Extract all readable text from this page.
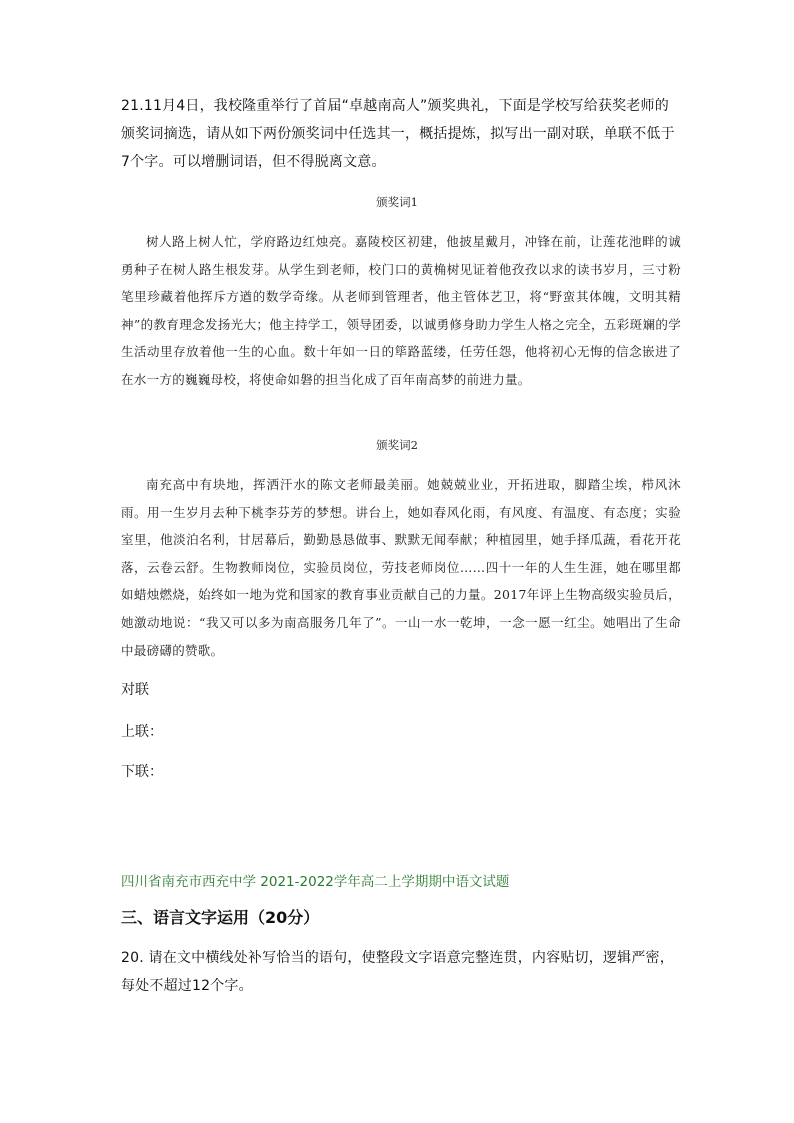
21.11月4日，我校隆重举行了首届“卓越南高人”颁奖典礼，下面是学校写给获奖老师的颁奖词摘选，请从如下两份颁奖词中任选其一，概括提炼，拟写出一副对联，单联不低于7个字。可以增删词语，但不得脱离文意。

颁奖词1

树人路上树人忙，学府路边红烛亮。嘉陵校区初建，他披星戴月，冲锋在前，让莲花池畔的诚勇种子在树人路生根发芽。从学生到老师，校门口的黄桷树见证着他孜孜以求的读书岁月，三寸粉笔里珍藏着他挥斥方遒的数学奇缘。从老师到管理者，他主管体艺卫，将“野蛮其体魄，文明其精神”的教育理念发扬光大；他主持学工，领导团委，以诚勇修身助力学生人格之完全，五彩斑斓的学生活动里存放着他一生的心血。数十年如一日的筚路蓝缕，任劳任怨，他将初心无悔的信念嵌进了在水一方的巍巍母校，将使命如磐的担当化成了百年南高梦的前进力量。

颁奖词2

南充高中有块地，挥洒汗水的陈文老师最美丽。她兢兢业业，开拓进取，脚踏尘埃，栉风沐雨。用一生岁月去种下桃李芬芳的梦想。讲台上，她如春风化雨，有风度、有温度、有态度；实验室里，他淡泊名利，甘居幕后，勤勤恳恳做事、默默无闻奉献；种植园里，她手择瓜蔬，看花开花落，云卷云舒。生物教师岗位，实验员岗位，劳技老师岗位……四十一年的人生生涯，她在哪里都如蜡烛燃烧，始终如一地为党和国家的教育事业贡献自己的力量。2017年评上生物高级实验员后，她激动地说：“我又可以多为南高服务几年了”。一山一水一乾坤，一念一愿一红尘。她唱出了生命中最磅礴的赞歌。

对联

上联：

下联：

四川省南充市西充中学 2021-2022学年高二上学期期中语文试题

三、语言文字运用（20分）

20. 请在文中横线处补写恰当的语句，使整段文字语意完整连贯，内容贴切，逻辑严密，每处不超过12个字。
